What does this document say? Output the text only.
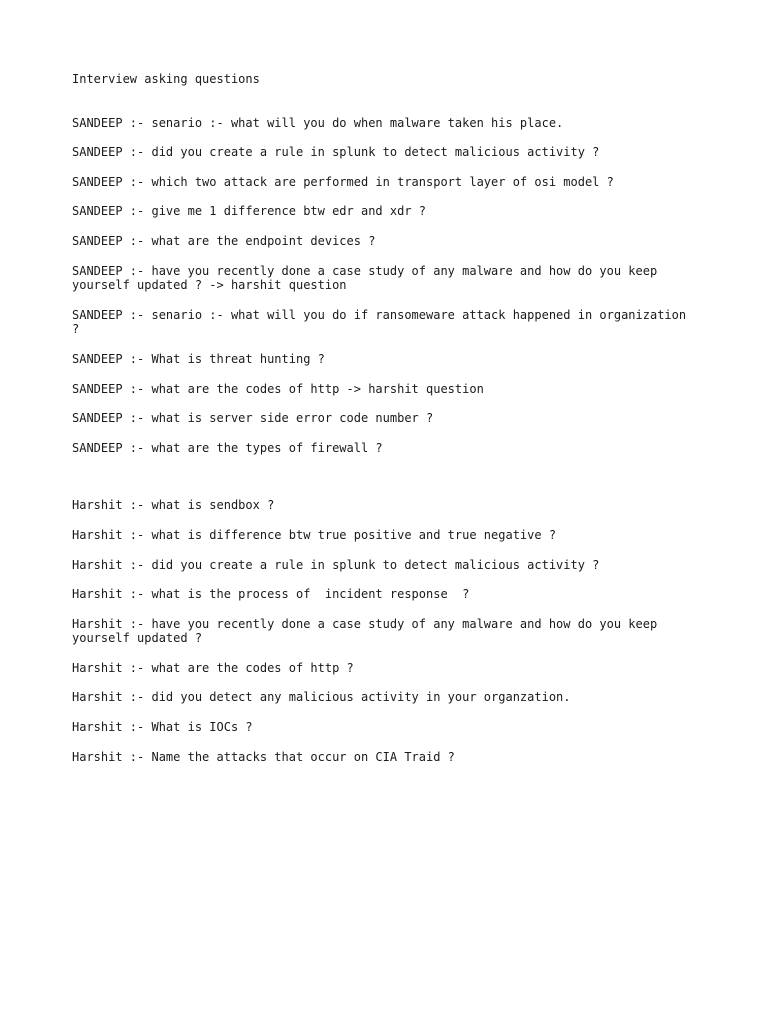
Interview asking questions
SANDEEP :- senario :- what will you do when malware taken his place.
SANDEEP :- did you create a rule in splunk to detect malicious activity ?
SANDEEP :- which two attack are performed in transport layer of osi model ?
SANDEEP :- give me 1 difference btw edr and xdr ?
SANDEEP :- what are the endpoint devices ?
SANDEEP :- have you recently done a case study of any malware and how do you keep yourself updated ? -> harshit question
SANDEEP :- senario :- what will you do if ransomeware attack happened in organization ?
SANDEEP :- What is threat hunting ?
SANDEEP :- what are the codes of http -> harshit question
SANDEEP :- what is server side error code number ?
SANDEEP :- what are the types of firewall ?
Harshit :- what is sendbox ?
Harshit :- what is difference btw true positive and true negative ?
Harshit :- did you create a rule in splunk to detect malicious activity ?
Harshit :- what is the process of  incident response  ?
Harshit :- have you recently done a case study of any malware and how do you keep yourself updated ?
Harshit :- what are the codes of http ?
Harshit :- did you detect any malicious activity in your organzation.
Harshit :- What is IOCs ?
Harshit :- Name the attacks that occur on CIA Traid ?
